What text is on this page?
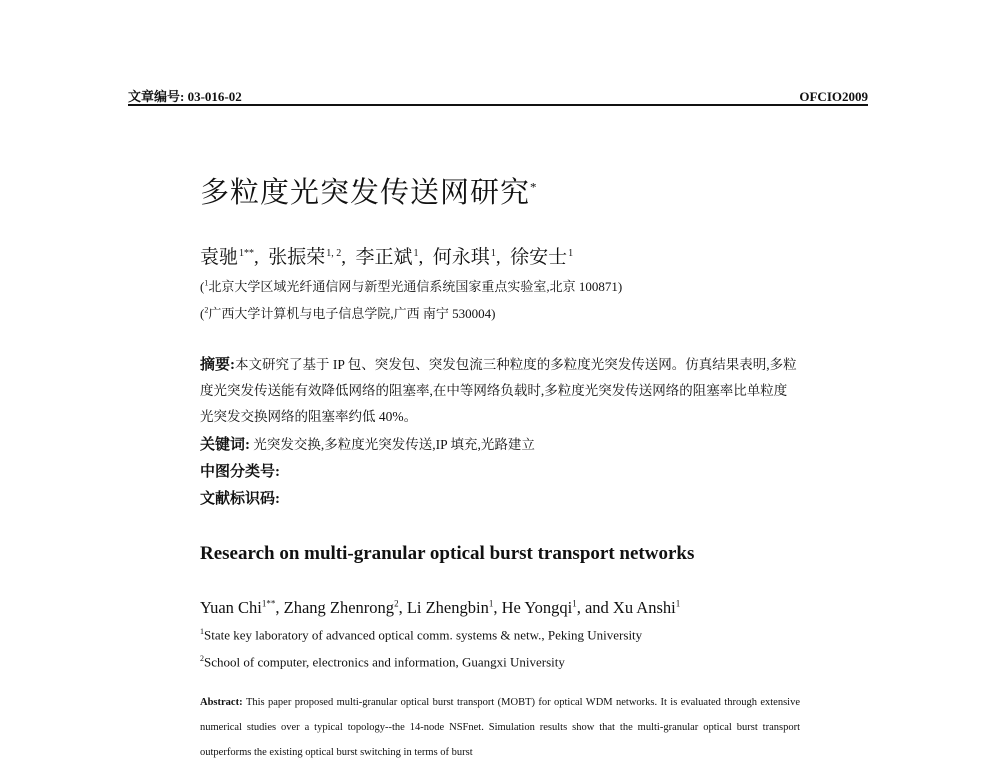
文章编号: 03-016-02	OFCIO2009
多粒度光突发传送网研究*
袁驰$^{1**}$, 张振荣$^{1, 2}$, 李正斌$^1$, 何永琪$^1$, 徐安士$^1$
($^1$北京大学区域光纤通信网与新型光通信系统国家重点实验室,北京 100871)
($^2$广西大学计算机与电子信息学院,广西 南宁 530004)
摘要:本文研究了基于 IP 包、突发包、突发包流三种粒度的多粒度光突发传送网。仿真结果表明,多粒度光突发传送能有效降低网络的阻塞率,在中等网络负载时,多粒度光突发传送网络的阻塞率比单粒度光突发交换网络的阻塞率约低 40%。
关键词: 光突发交换,多粒度光突发传送,IP 填充,光路建立
中图分类号:
文献标识码:
Research on multi-granular optical burst transport networks
Yuan Chi$^{1**}$, Zhang Zhenrong$^2$, Li Zhengbin$^1$, He Yongqi$^1$, and Xu Anshi$^1$
$^1$State key laboratory of advanced optical comm. systems & netw., Peking University
$^2$School of computer, electronics and information, Guangxi University
Abstract: This paper proposed multi-granular optical burst transport (MOBT) for optical WDM networks. It is evaluated through extensive numerical studies over a typical topology--the 14-node NSFnet. Simulation results show that the multi-granular optical burst transport outperforms the existing optical burst switching in terms of burst
